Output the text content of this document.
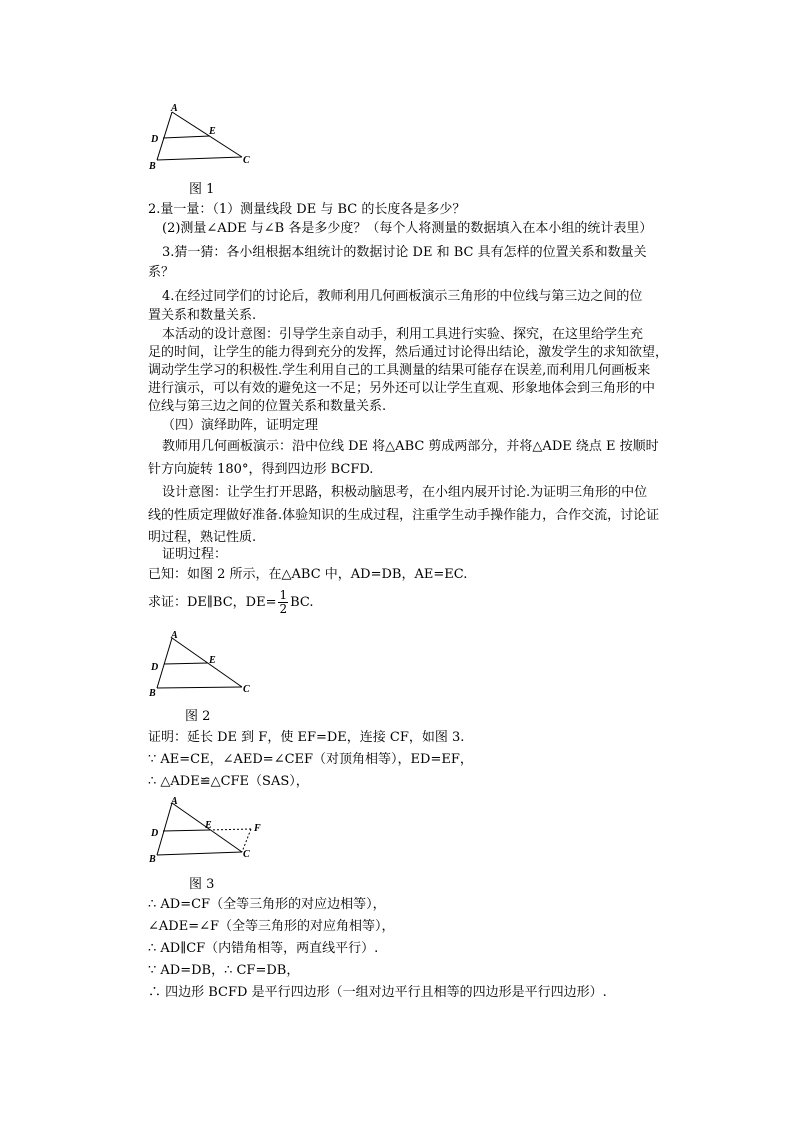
A
D
E
B
C
图 1
2.量一量：（1）测量线段 DE 与 BC 的长度各是多少？
(2)测量∠ADE 与∠B 各是多少度？（每个人将测量的数据填入在本小组的统计表里）
3.猜一猜：各小组根据本组统计的数据讨论 DE 和 BC 具有怎样的位置关系和数量关
系？
4.在经过同学们的讨论后，教师利用几何画板演示三角形的中位线与第三边之间的位
置关系和数量关系.
本活动的设计意图：引导学生亲自动手，利用工具进行实验、探究，在这里给学生充
足的时间，让学生的能力得到充分的发挥，然后通过讨论得出结论，激发学生的求知欲望，
调动学生学习的积极性.学生利用自己的工具测量的结果可能存在误差,而利用几何画板来
进行演示，可以有效的避免这一不足；另外还可以让学生直观、形象地体会到三角形的中
位线与第三边之间的位置关系和数量关系.
（四）演绎助阵，证明定理
教师用几何画板演示：沿中位线 DE 将△ABC 剪成两部分，并将△ADE 绕点 E 按顺时
针方向旋转 180°，得到四边形 BCFD.
设计意图：让学生打开思路，积极动脑思考，在小组内展开讨论.为证明三角形的中位
线的性质定理做好准备.体验知识的生成过程，注重学生动手操作能力，合作交流，讨论证
明过程，熟记性质.
证明过程：
已知：如图 2 所示，在△ABC 中，AD=DB，AE=EC.
求证：DE∥BC，$DE= \frac{1}{2}$ BC.
A
D
E
B	C
图 2
证明：延长 DE 到 F，使 EF=DE，连接 CF，如图 3.
∵ AE=CE，∠AED=∠CEF（对顶角相等），ED=EF，
∴ △ADE≌△CFE（SAS），
A
D
E	F
B	C
图 3
∴ AD=CF（全等三角形的对应边相等），
∠ADE=∠F（全等三角形的对应角相等），
∴ AD∥CF（内错角相等，两直线平行）.
∵ AD=DB，∴ CF=DB，
∴ 四边形 BCFD 是平行四边形（一组对边平行且相等的四边形是平行四边形）.
